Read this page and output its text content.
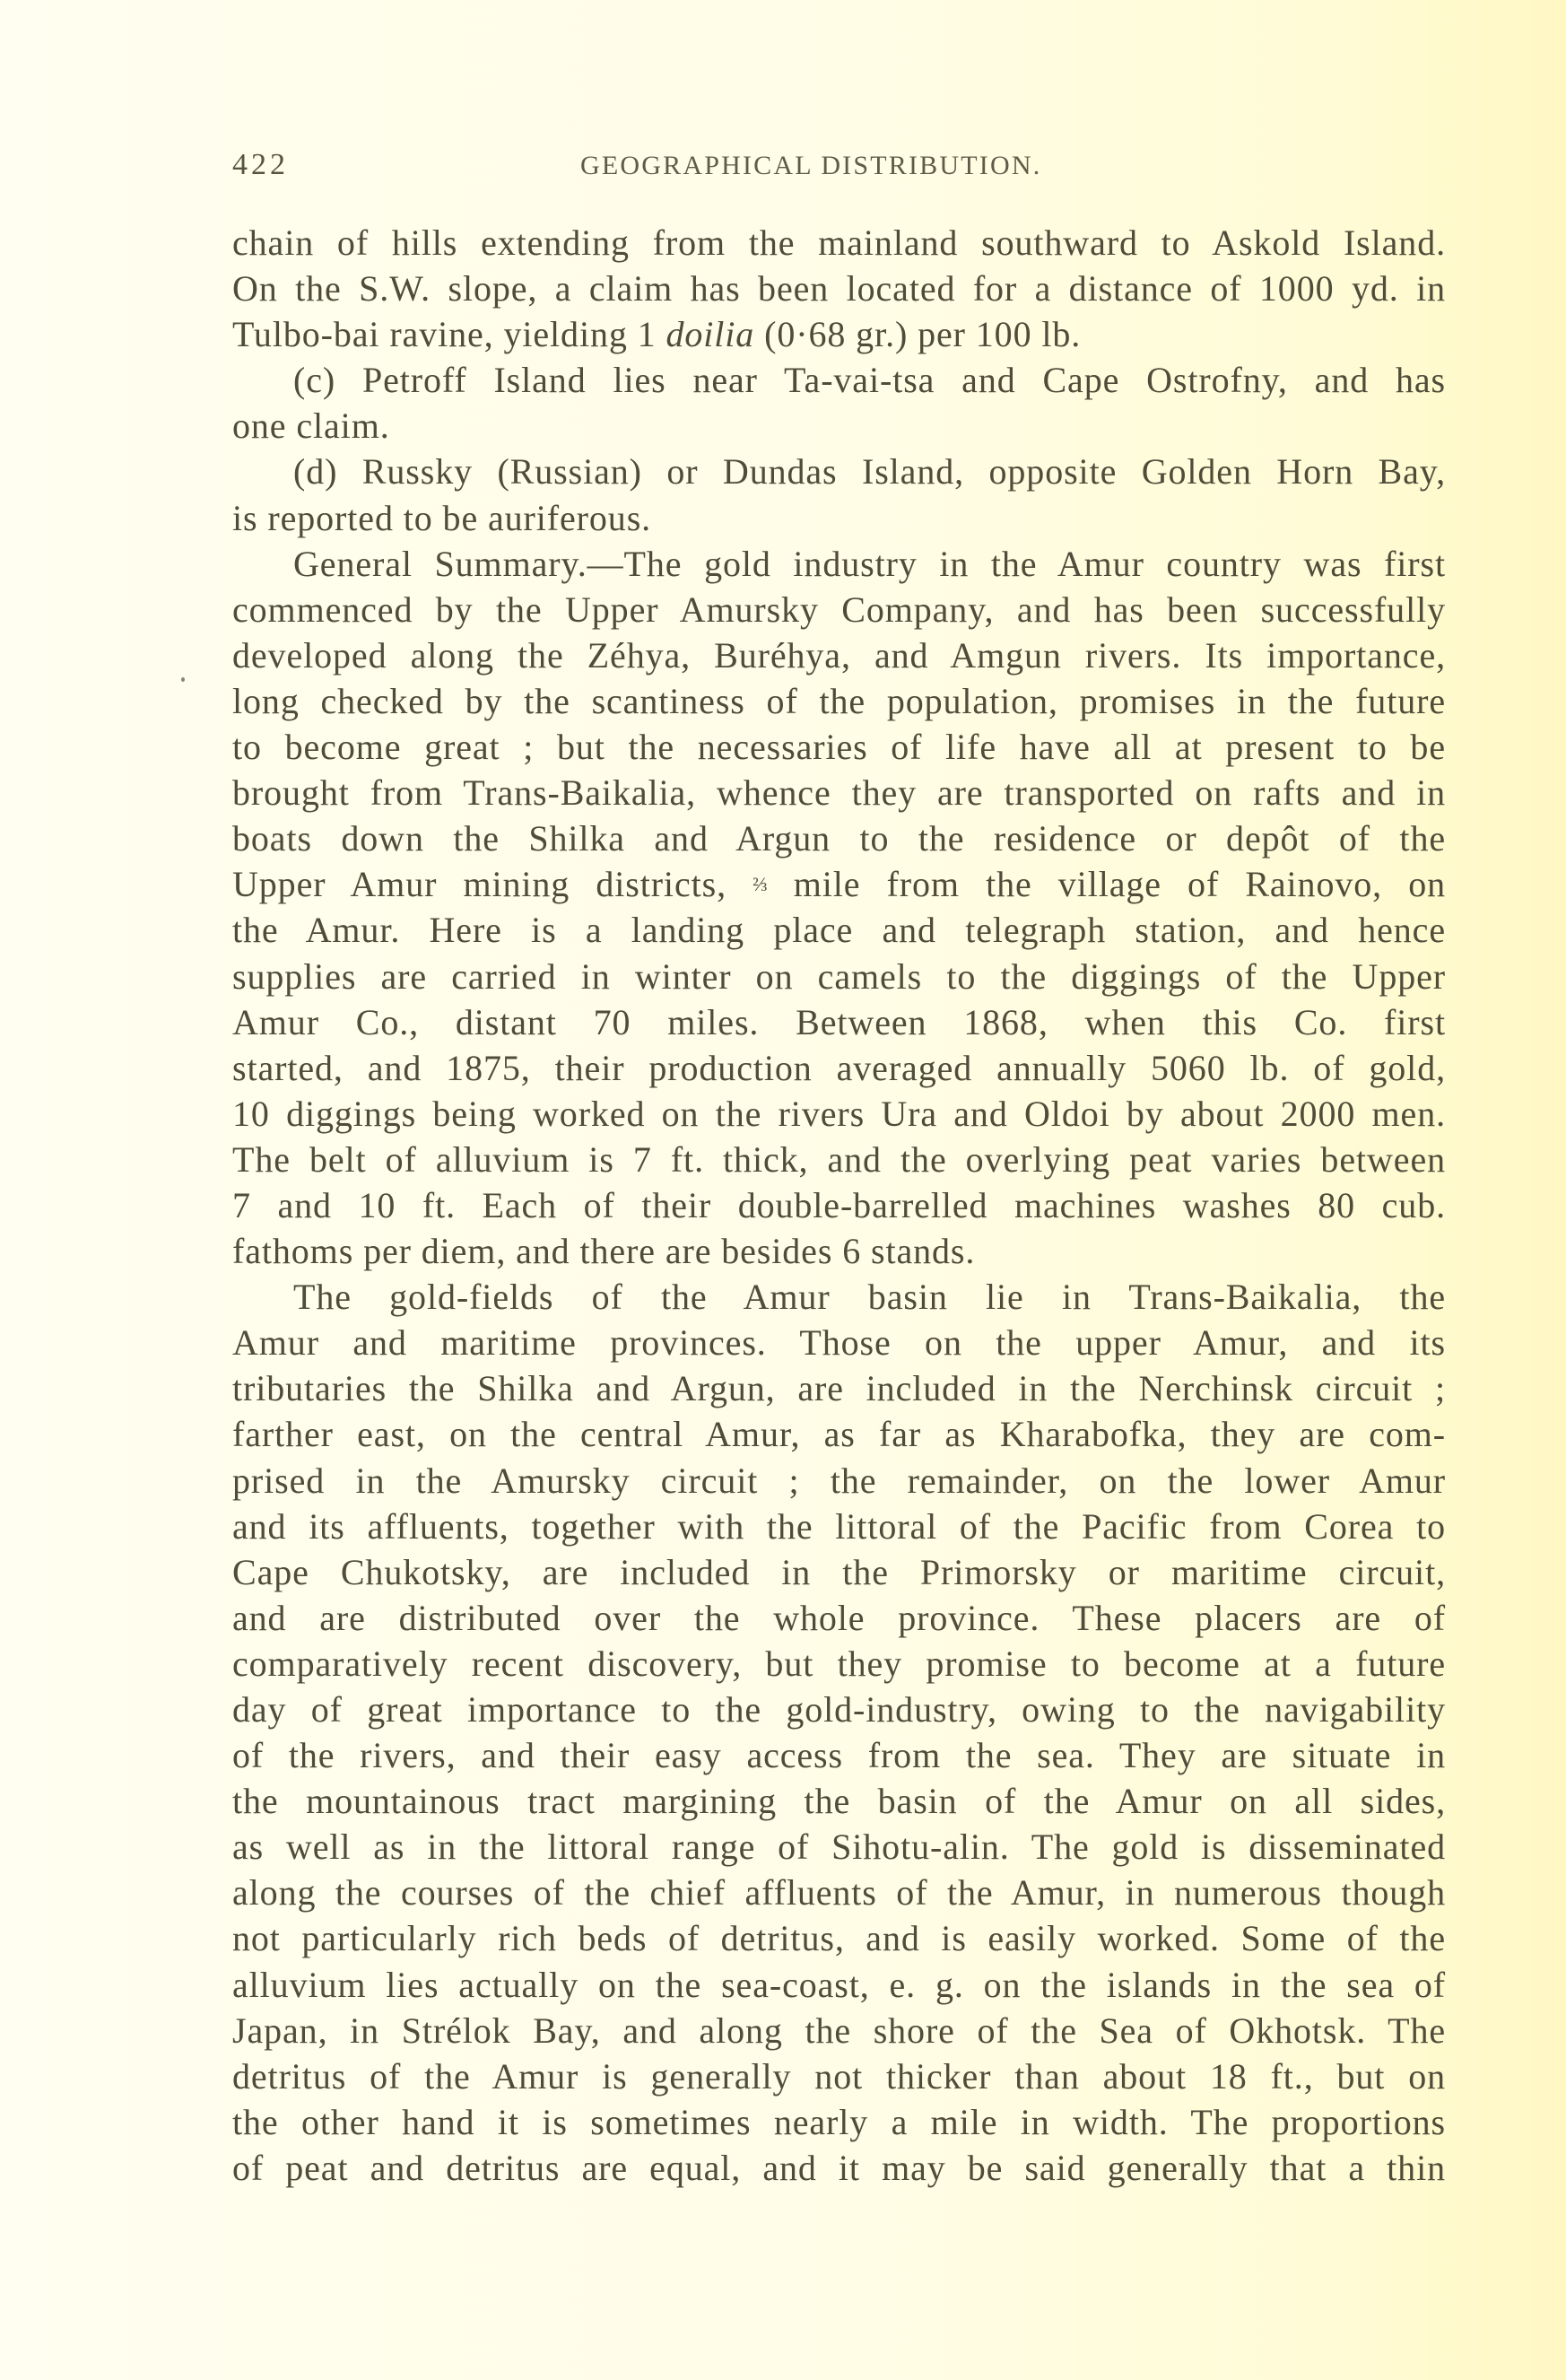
422	GEOGRAPHICAL DISTRIBUTION.
chain of hills extending from the mainland southward to Askold Island.
On the S.W. slope, a claim has been located for a distance of 1000 yd. in
Tulbo-bai ravine, yielding 1 doilia (0·68 gr.) per 100 lb.
(c) Petroff Island lies near Ta-vai-tsa and Cape Ostrofny, and has
one claim.
(d) Russky (Russian) or Dundas Island, opposite Golden Horn Bay,
is reported to be auriferous.
General Summary.—The gold industry in the Amur country was first
commenced by the Upper Amursky Company, and has been successfully
developed along the Zéhya, Buréhya, and Amgun rivers. Its importance,
long checked by the scantiness of the population, promises in the future
to become great ; but the necessaries of life have all at present to be
brought from Trans-Baikalia, whence they are transported on rafts and in
boats down the Shilka and Argun to the residence or depôt of the
Upper Amur mining districts, ⅔ mile from the village of Rainovo, on
the Amur. Here is a landing place and telegraph station, and hence
supplies are carried in winter on camels to the diggings of the Upper
Amur Co., distant 70 miles. Between 1868, when this Co. first
started, and 1875, their production averaged annually 5060 lb. of gold,
10 diggings being worked on the rivers Ura and Oldoi by about 2000 men.
The belt of alluvium is 7 ft. thick, and the overlying peat varies between
7 and 10 ft. Each of their double-barrelled machines washes 80 cub.
fathoms per diem, and there are besides 6 stands.
The gold-fields of the Amur basin lie in Trans-Baikalia, the
Amur and maritime provinces. Those on the upper Amur, and its
tributaries the Shilka and Argun, are included in the Nerchinsk circuit ;
farther east, on the central Amur, as far as Kharabofka, they are com-
prised in the Amursky circuit ; the remainder, on the lower Amur
and its affluents, together with the littoral of the Pacific from Corea to
Cape Chukotsky, are included in the Primorsky or maritime circuit,
and are distributed over the whole province. These placers are of
comparatively recent discovery, but they promise to become at a future
day of great importance to the gold-industry, owing to the navigability
of the rivers, and their easy access from the sea. They are situate in
the mountainous tract margining the basin of the Amur on all sides,
as well as in the littoral range of Sihotu-alin. The gold is disseminated
along the courses of the chief affluents of the Amur, in numerous though
not particularly rich beds of detritus, and is easily worked. Some of the
alluvium lies actually on the sea-coast, e. g. on the islands in the sea of
Japan, in Strélok Bay, and along the shore of the Sea of Okhotsk. The
detritus of the Amur is generally not thicker than about 18 ft., but on
the other hand it is sometimes nearly a mile in width. The proportions
of peat and detritus are equal, and it may be said generally that a thin
